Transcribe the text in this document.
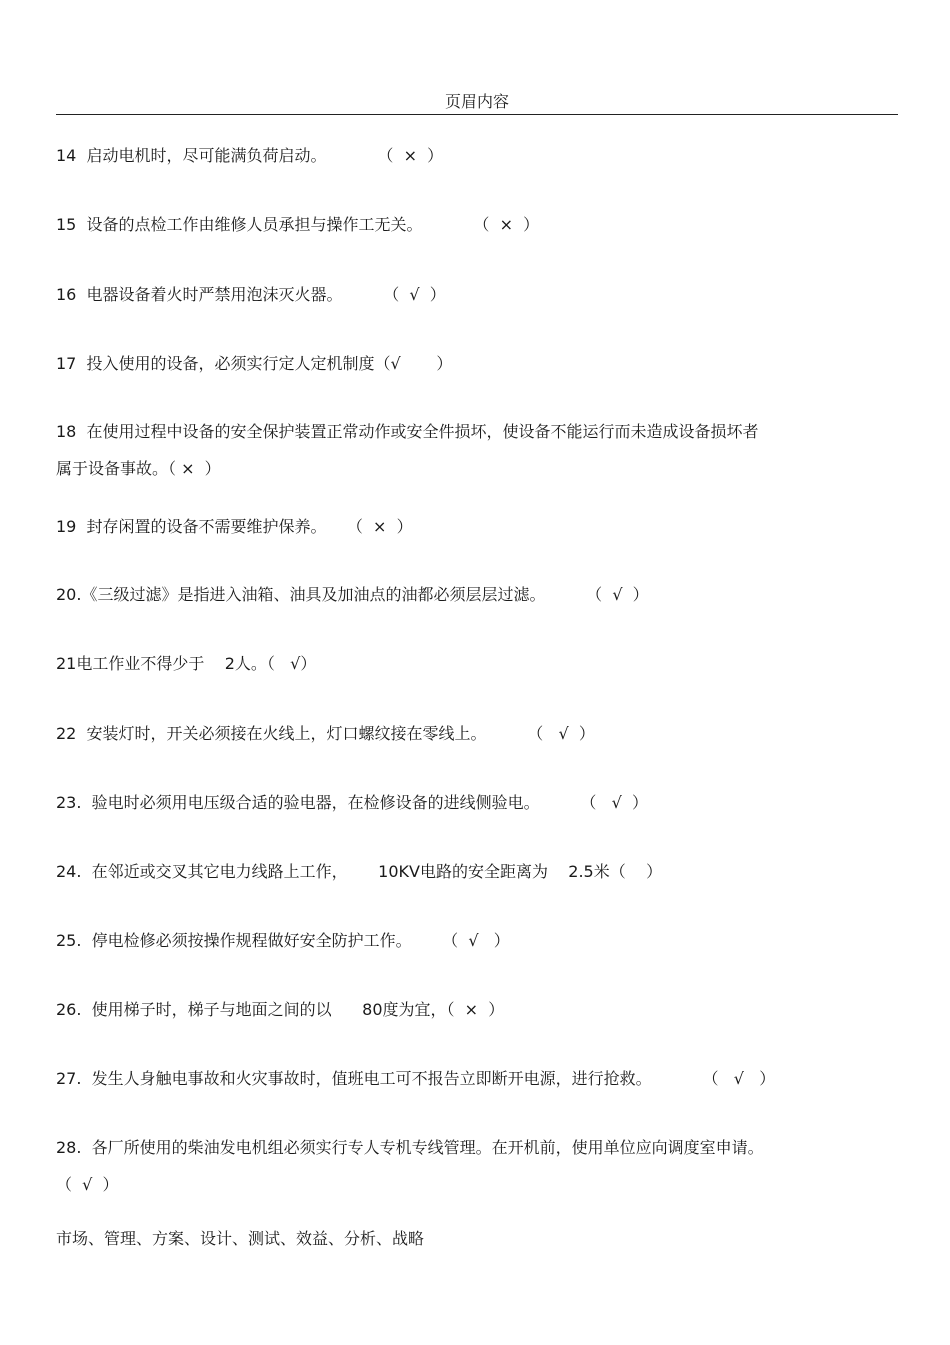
页眉内容
14  启动电机时，尽可能满负荷启动。          （  ×  ）
15  设备的点检工作由维修人员承担与操作工无关。          （  ×  ）
16  电器设备着火时严禁用泡沫灭火器。        （  √  ）
17  投入使用的设备，必须实行定人定机制度（√       ）
18  在使用过程中设备的安全保护装置正常动作或安全件损坏，使设备不能运行而未造成设备损坏者
属于设备事故。（ ×  ）
19  封存闲置的设备不需要维护保养。    （  ×  ）
20.《三级过滤》是指进入油箱、油具及加油点的油都必须层层过滤。        （  √  ）
21电工作业不得少于    2人。（   √）
22  安装灯时，开关必须接在火线上，灯口螺纹接在零线上。        （   √  ）
23.  验电时必须用电压级合适的验电器，在检修设备的进线侧验电。        （   √  ）
24.  在邻近或交叉其它电力线路上工作，      10KV电路的安全距离为    2.5米（    ）
25.  停电检修必须按操作规程做好安全防护工作。      （  √   ）
26.  使用梯子时，梯子与地面之间的以      80度为宜，（  ×  ）
27.  发生人身触电事故和火灾事故时，值班电工可不报告立即断开电源，进行抢救。          （   √   ）
28.  各厂所使用的柴油发电机组必须实行专人专机专线管理。在开机前，使用单位应向调度室申请。
（  √  ）
市场、管理、方案、设计、测试、效益、分析、战略
